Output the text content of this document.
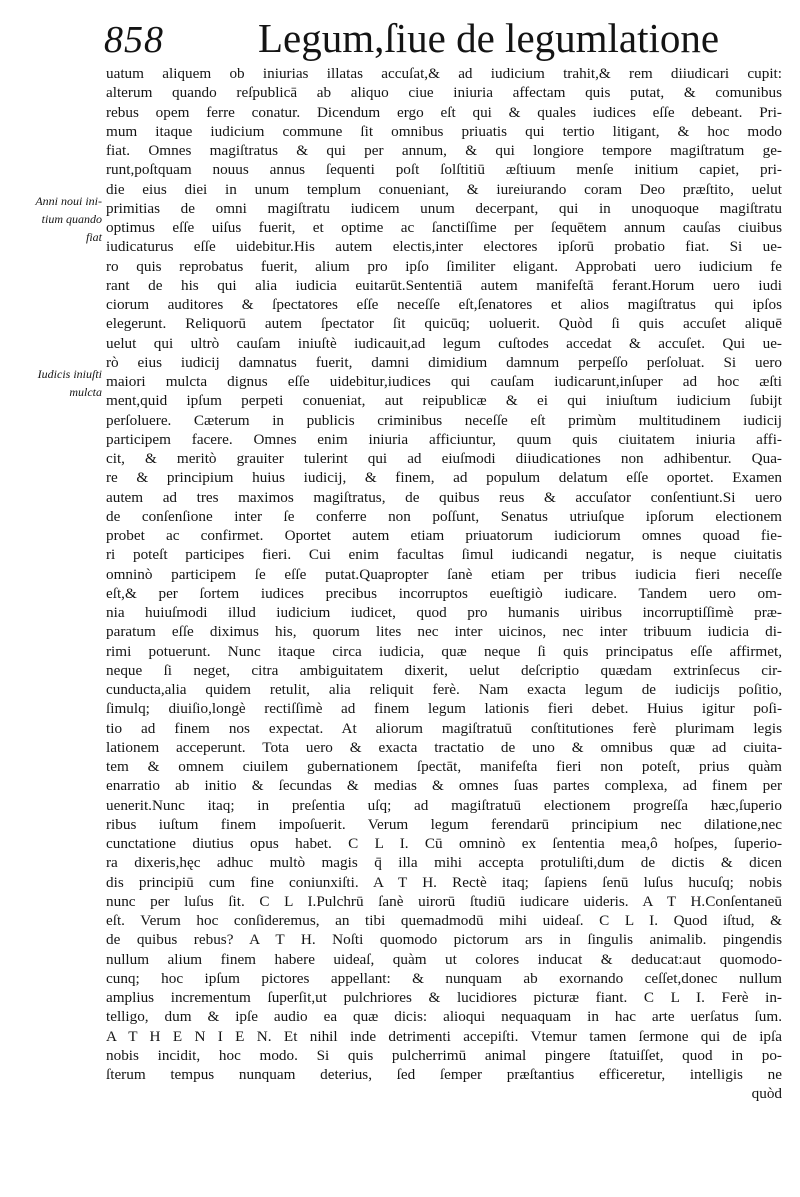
858 Legum,ſiue de legumlatione
Anni noui ini-
tium quando
fiat
Iudicis iniuſti
mulcta
uatum aliquem ob iniurias illatas accuſat,& ad iudicium trahit,& rem diiudicari cupit:
alterum quando reſpublicā ab aliquo ciue iniuria affectam quis putat, & comunibus
rebus opem ferre conatur. Dicendum ergo eſt qui & quales iudices eſſe debeant. Pri-
mum itaque iudicium commune ſit omnibus priuatis qui tertio litigant, & hoc modo
fiat. Omnes magiſtratus & qui per annum, & qui longiore tempore magiſtratum ge-
runt,poſtquam nouus annus ſequenti poſt ſolſtitiū æſtiuum menſe initium capiet, pri-
die eius diei in unum templum conueniant, & iureiurando coram Deo præſtito, uelut
primitias de omni magiſtratu iudicem unum decerpant, qui in unoquoque magiſtratu
optimus eſſe uiſus fuerit, et optime ac ſanctiſſime per ſequētem annum cauſas ciuibus
iudicaturus eſſe uidebitur.His autem electis,inter electores ipſorū probatio fiat. Si ue-
ro quis reprobatus fuerit, alium pro ipſo ſimiliter eligant. Approbati uero iudicium fe
rant de his qui alia iudicia euitarūt.Sententiā autem manifeſtā ferant.Horum uero iudi
ciorum auditores & ſpectatores eſſe neceſſe eſt,ſenatores et alios magiſtratus qui ipſos
elegerunt. Reliquorū autem ſpectator ſit quicūq; uoluerit. Quòd ſi quis accuſet aliquē
uelut qui ultrò cauſam iniuſtè iudicauit,ad legum cuſtodes accedat & accuſet. Qui ue-
rò eius iudicij damnatus fuerit, damni dimidium damnum perpeſſo perſoluat. Si uero
maiori mulcta dignus eſſe uidebitur,iudices qui cauſam iudicarunt,inſuper ad hoc æſti
ment,quid ipſum perpeti conueniat, aut reipublicæ & ei qui iniuſtum iudicium ſubijt
perſoluere. Cæterum in publicis criminibus neceſſe eſt primùm multitudinem iudicij
participem facere. Omnes enim iniuria afficiuntur, quum quis ciuitatem iniuria affi-
cit, & meritò grauiter tulerint qui ad eiuſmodi diiudicationes non adhibentur. Qua-
re & principium huius iudicij, & finem, ad populum delatum eſſe oportet. Examen
autem ad tres maximos magiſtratus, de quibus reus & accuſator conſentiunt.Si uero
de conſenſione inter ſe conferre non poſſunt, Senatus utriuſque ipſorum electionem
probet ac confirmet. Oportet autem etiam priuatorum iudiciorum omnes quoad fie-
ri poteſt participes fieri. Cui enim facultas ſimul iudicandi negatur, is neque ciuitatis
omninò participem ſe eſſe putat.Quapropter ſanè etiam per tribus iudicia fieri neceſſe
eſt,& per ſortem iudices precibus incorruptos eueſtigiò iudicare. Tandem uero om-
nia huiuſmodi illud iudicium iudicet, quod pro humanis uiribus incorruptiſſimè præ-
paratum eſſe diximus his, quorum lites nec inter uicinos, nec inter tribuum iudicia di-
rimi potuerunt. Nunc itaque circa iudicia, quæ neque ſi quis principatus eſſe affirmet,
neque ſi neget, citra ambiguitatem dixerit, uelut deſcriptio quædam extrinſecus cir-
cunducta,alia quidem retulit, alia reliquit ferè. Nam exacta legum de iudicijs poſitio,
ſimulq; diuiſio,longè rectiſſimè ad finem legum lationis fieri debet. Huius igitur poſi-
tio ad finem nos expectat. At aliorum magiſtratuū conſtitutiones ferè plurimam legis
lationem acceperunt. Tota uero & exacta tractatio de uno & omnibus quæ ad ciuita-
tem & omnem ciuilem gubernationem ſpectāt, manifeſta fieri non poteſt, prius quàm
enarratio ab initio & ſecundas & medias & omnes ſuas partes complexa, ad finem per
uenerit.Nunc itaq; in preſentia uſq; ad magiſtratuū electionem progreſſa hæc,ſuperio
ribus iuſtum finem impoſuerit. Verum legum ferendarū principium nec dilatione,nec
cunctatione diutius opus habet. C L I. Cū omninò ex ſententia mea,ô hoſpes, ſuperio-
ra dixeris,hęc adhuc multò magis q̄ illa mihi accepta protuliſti,dum de dictis & dicen
dis principiū cum fine coniunxiſti. A T H. Rectè itaq; ſapiens ſenū luſus hucuſq; nobis
nunc per luſus ſit. C L I.Pulchrū ſanè uirorū ſtudiū iudicare uideris. A T H.Conſentaneū
eſt. Verum hoc conſideremus, an tibi quemadmodū mihi uideaſ. C L I. Quod iſtud, &
de quibus rebus? A T H. Noſti quomodo pictorum ars in ſingulis animalib. pingendis
nullum alium finem habere uideaſ, quàm ut colores inducat & deducat:aut quomodo-
cunq; hoc ipſum pictores appellant: & nunquam ab exornando ceſſet,donec nullum
amplius incrementum ſuperſit,ut pulchriores & lucidiores picturæ fiant. C L I. Ferè in-
telligo, dum & ipſe audio ea quæ dicis: alioqui nequaquam in hac arte uerſatus ſum.
A T H E N I E N. Et nihil inde detrimenti accepiſti. Vtemur tamen ſermone qui de ipſa
nobis incidit, hoc modo. Si quis pulcherrimū animal pingere ſtatuiſſet, quod in po-
ſterum tempus nunquam deterius, ſed ſemper præſtantius efficeretur, intelligis ne
quòd
